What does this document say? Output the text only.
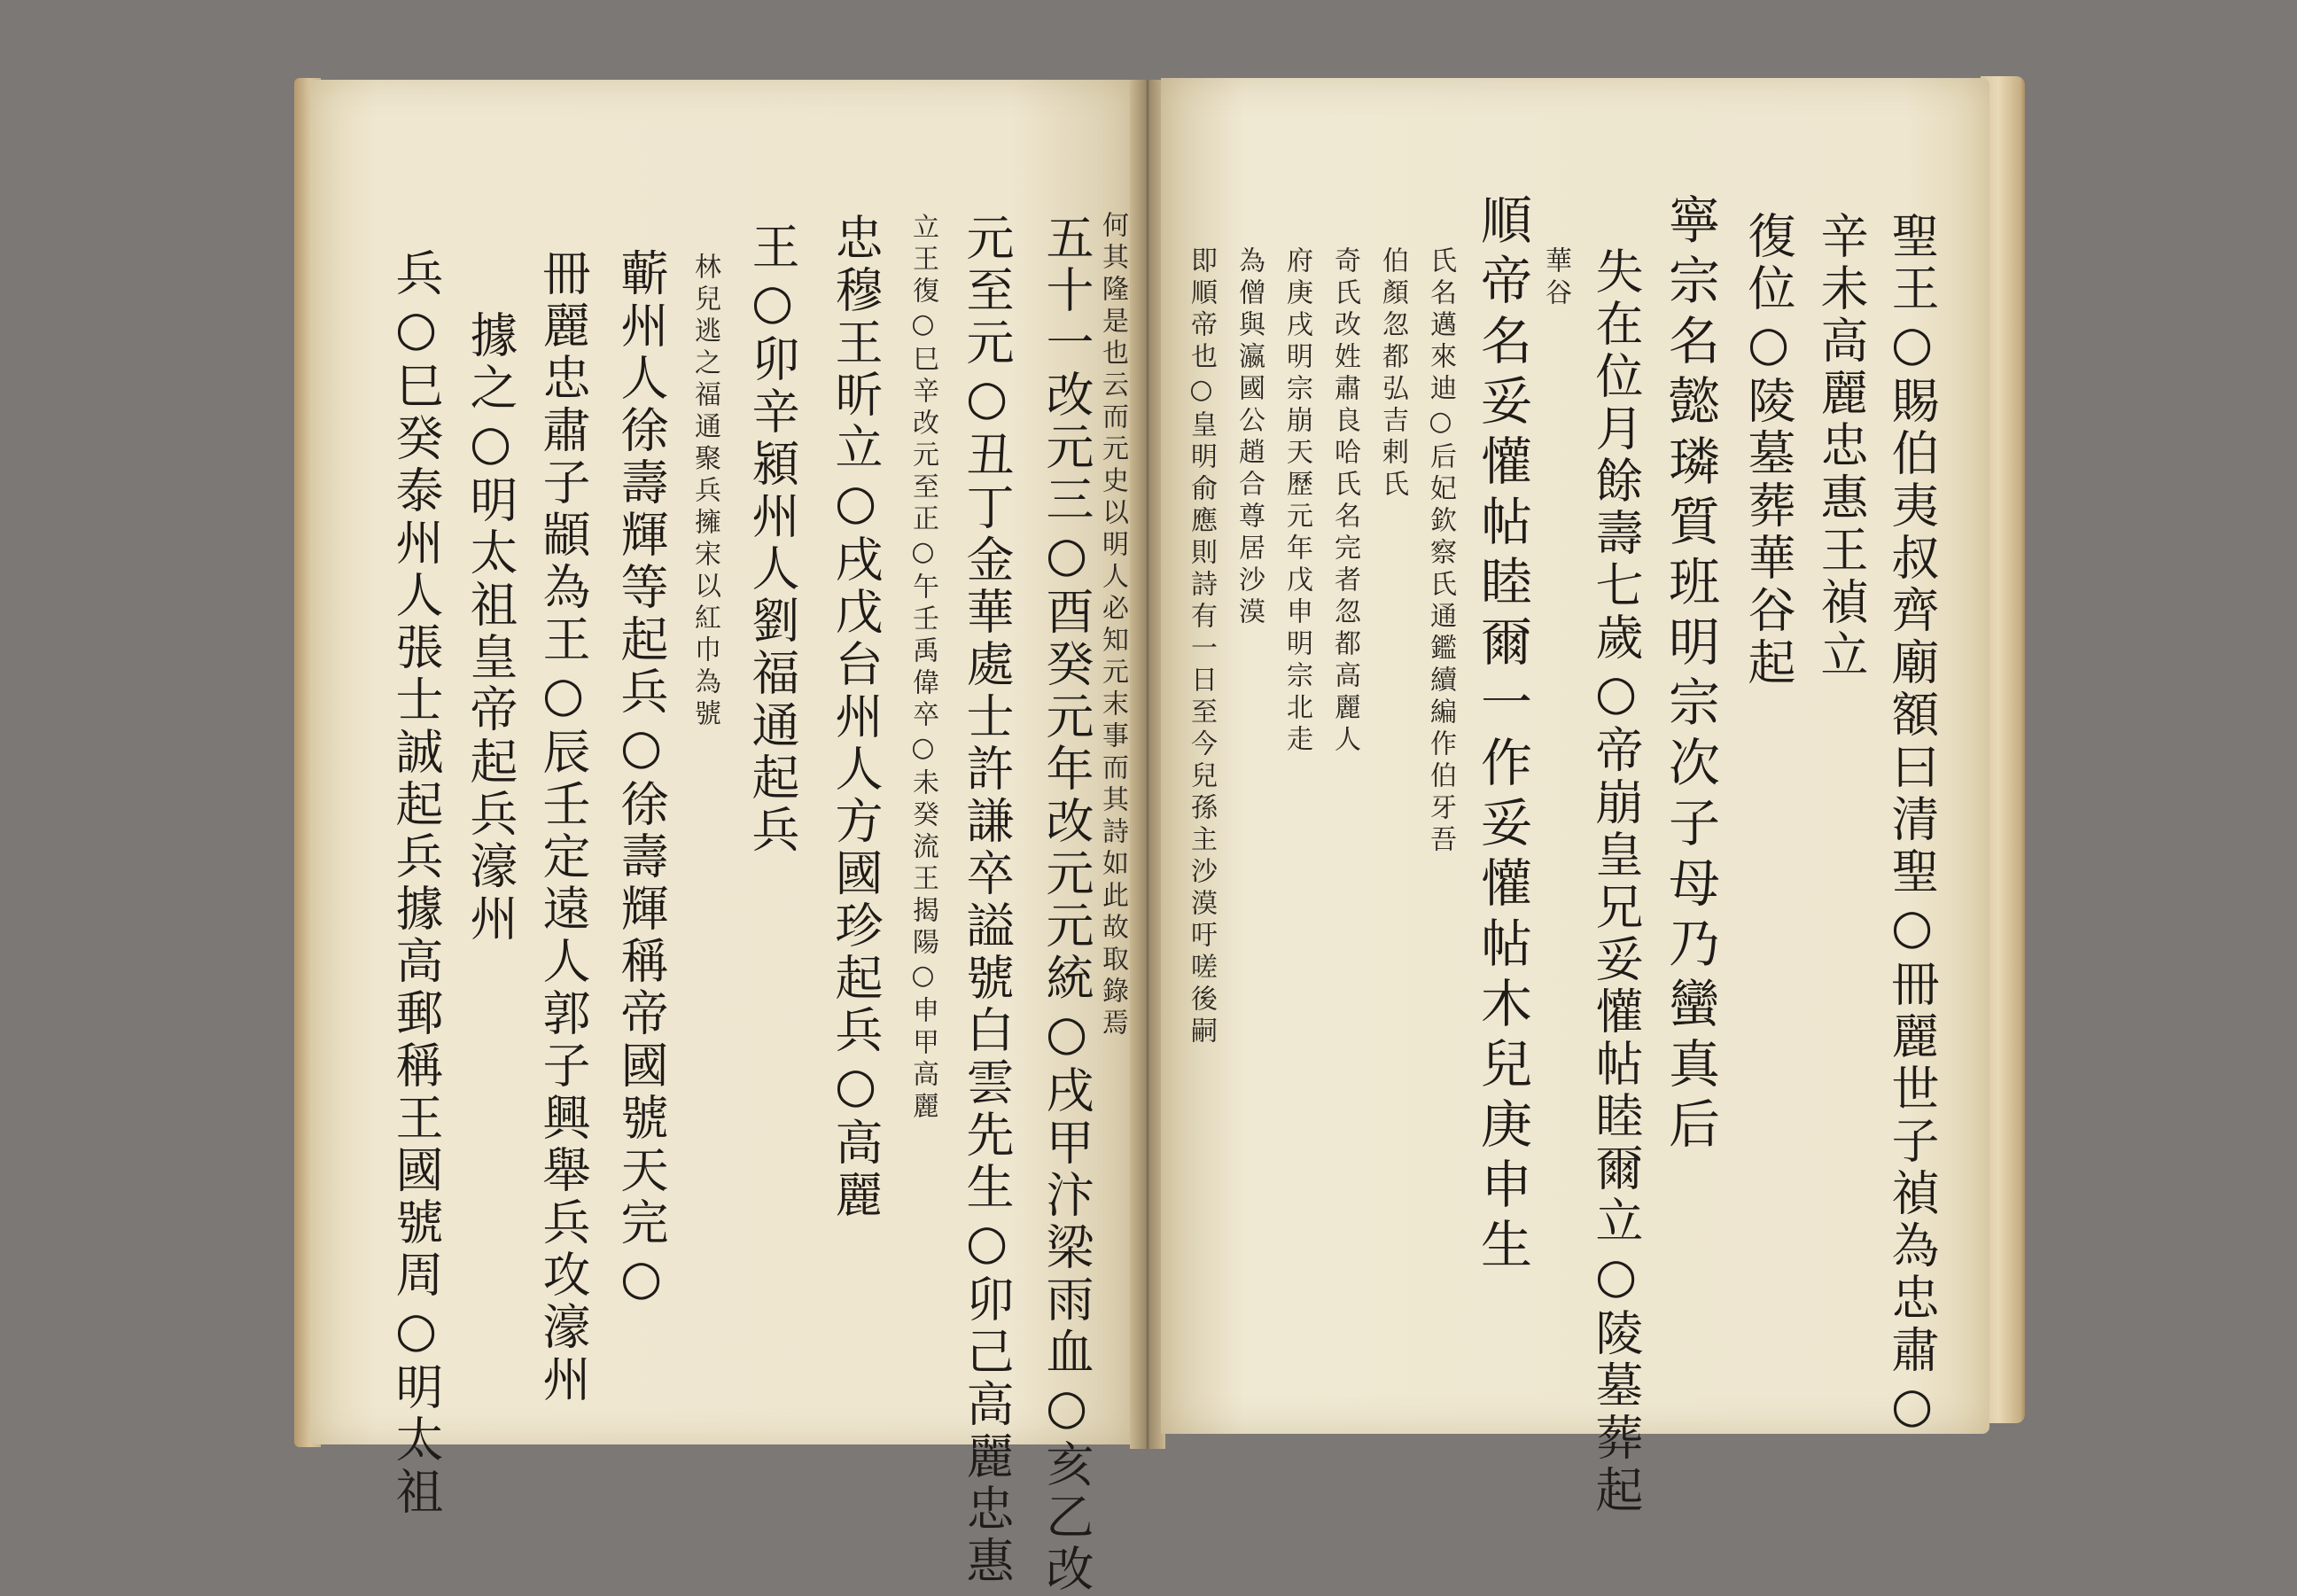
何其隆是也云而元史以明人必知元末事而其詩如此故取錄焉
五十一改元三○酉癸元年改元元統○戌甲汴梁雨血○亥乙改
元至元○丑丁金華處士許謙卒謚號白雲先生○卯己高麗忠惠
立王復○巳辛改元至正○午壬禹偉卒○未癸流王揭陽○申甲高麗
忠穆王昕立○戌戊台州人方國珍起兵○高麗
王○卯辛潁州人劉福通起兵
林兒逃之福通聚兵擁宋以紅巾為號
蘄州人徐壽輝等起兵○徐壽輝稱帝國號天完○
冊麗忠肅子顓為王○辰壬定遠人郭子興舉兵攻濠州
據之○明太祖皇帝起兵濠州
兵○巳癸泰州人張士誠起兵據高郵稱王國號周○明太祖	聖王○賜伯夷叔齊廟額曰清聖○冊麗世子禎為忠肅○
辛未高麗忠惠王禎立
復位○陵墓葬華谷起
寧宗名懿璘質班明宗次子母乃蠻真后
失在位月餘壽七歲○帝崩皇兄妥懽帖睦爾立○陵墓葬起
華谷
順帝名妥懽帖睦爾一作妥懽帖木兒庚申生
氏名邁來迪○后妃欽察氏通鑑續編作伯牙吾
伯顏忽都弘吉剌氏
奇氏改姓肅良哈氏名完者忽都高麗人
府庚戌明宗崩天歷元年戊申明宗北走
為僧與瀛國公趙合尊居沙漠
即順帝也○皇明俞應則詩有一日至今兒孫主沙漠吁嗟後嗣
